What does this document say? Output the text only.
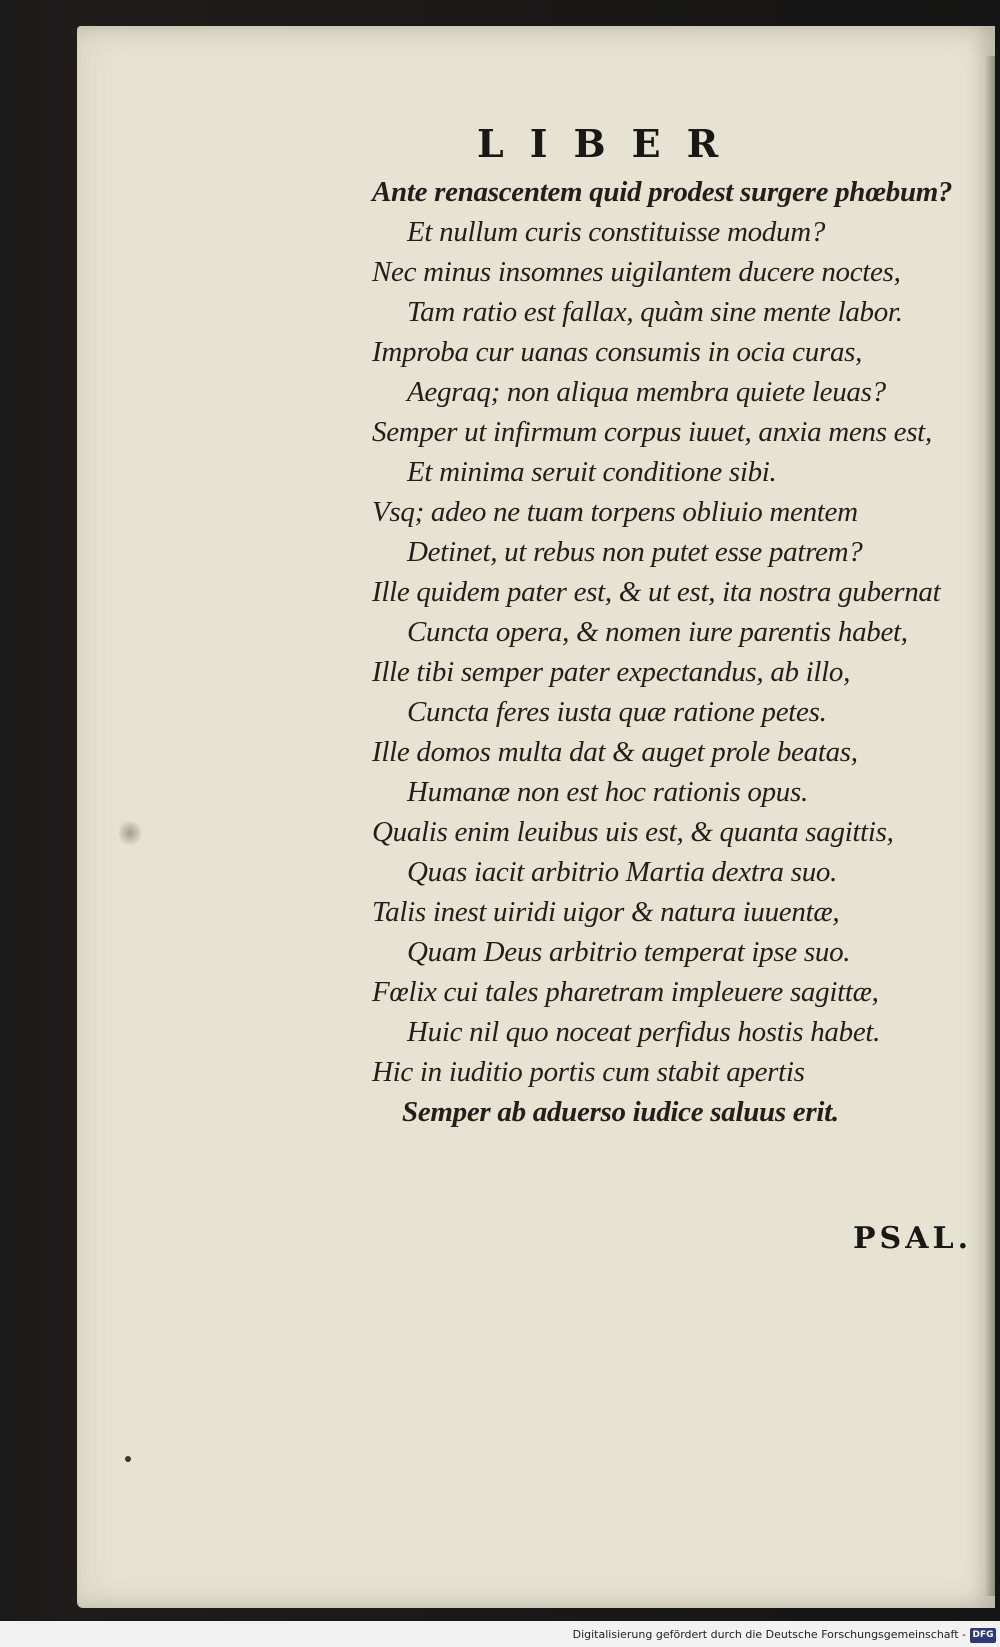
LIBER
Ante renascentem quid prodest surgere phœbum?
Et nullum curis constituisse modum?
Nec minus insomnes uigilantem ducere noctes,
Tam ratio est fallax, quàm sine mente labor.
Improba cur uanas consumis in ocia curas,
Aegraq; non aliqua membra quiete leuas?
Semper ut infirmum corpus iuuet, anxia mens est,
Et minima seruit conditione sibi.
Vsq; adeo ne tuam torpens obliuio mentem
Detinet, ut rebus non putet esse patrem?
Ille quidem pater est, & ut est, ita nostra gubernat
Cuncta opera, & nomen iure parentis habet,
Ille tibi semper pater expectandus, ab illo,
Cuncta feres iusta quæ ratione petes.
Ille domos multa dat & auget prole beatas,
Humanæ non est hoc rationis opus.
Qualis enim leuibus uis est, & quanta sagittis,
Quas iacit arbitrio Martia dextra suo.
Talis inest uiridi uigor & natura iuuentæ,
Quam Deus arbitrio temperat ipse suo.
Fœlix cui tales pharetram impleuere sagittæ,
Huic nil quo noceat perfidus hostis habet.
Hic in iuditio portis cum stabit apertis
Semper ab aduerso iudice saluus erit.
PSAL.
Digitalisierung gefördert durch die Deutsche Forschungsgemeinschaft - DFG
